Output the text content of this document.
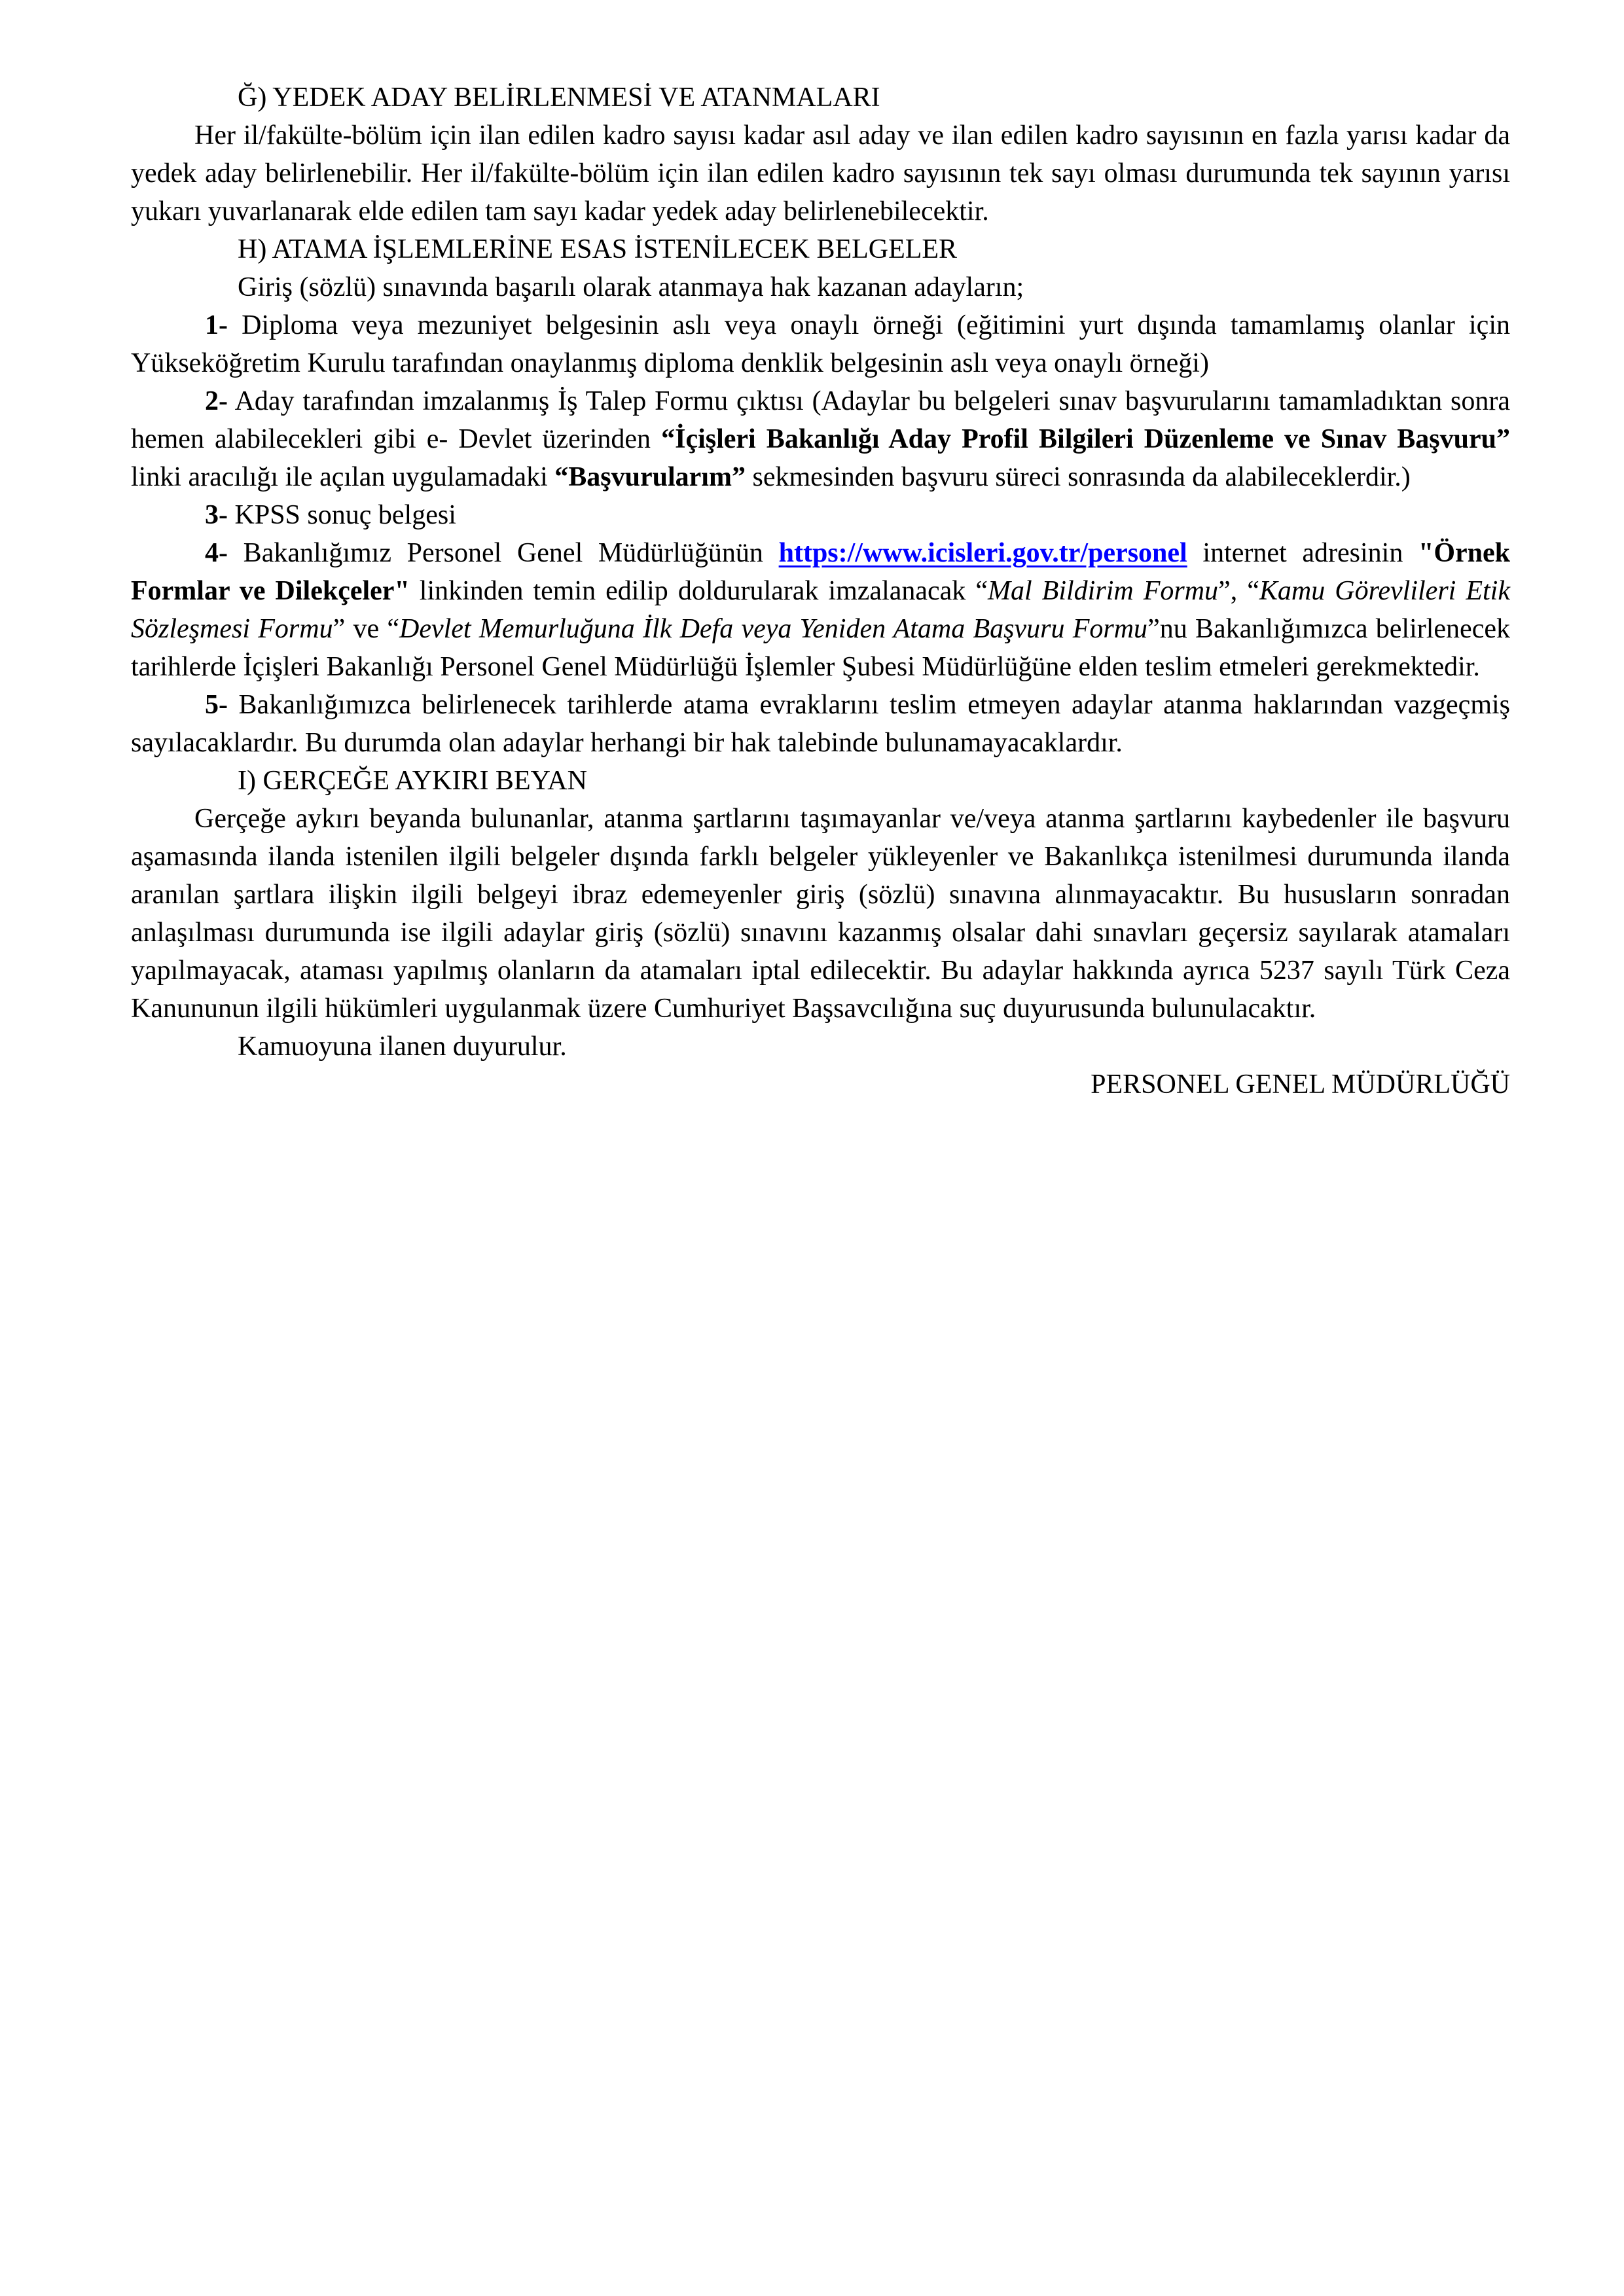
Ğ) YEDEK ADAY BELİRLENMESİ VE ATANMALARI

Her il/fakülte-bölüm için ilan edilen kadro sayısı kadar asıl aday ve ilan edilen kadro sayısının en fazla yarısı kadar da yedek aday belirlenebilir. Her il/fakülte-bölüm için ilan edilen kadro sayısının tek sayı olması durumunda tek sayının yarısı yukarı yuvarlanarak elde edilen tam sayı kadar yedek aday belirlenebilecektir.

H) ATAMA İŞLEMLERİNE ESAS İSTENİLECEK BELGELER

Giriş (sözlü) sınavında başarılı olarak atanmaya hak kazanan adayların;

1- Diploma veya mezuniyet belgesinin aslı veya onaylı örneği (eğitimini yurt dışında tamamlamış olanlar için Yükseköğretim Kurulu tarafından onaylanmış diploma denklik belgesinin aslı veya onaylı örneği)

2- Aday tarafından imzalanmış İş Talep Formu çıktısı (Adaylar bu belgeleri sınav başvurularını tamamladıktan sonra hemen alabilecekleri gibi e- Devlet üzerinden “İçişleri Bakanlığı Aday Profil Bilgileri Düzenleme ve Sınav Başvuru” linki aracılığı ile açılan uygulamadaki “Başvurularım” sekmesinden başvuru süreci sonrasında da alabileceklerdir.)

3- KPSS sonuç belgesi

4- Bakanlığımız Personel Genel Müdürlüğünün https://www.icisleri.gov.tr/personel internet adresinin "Örnek Formlar ve Dilekçeler" linkinden temin edilip doldurularak imzalanacak “Mal Bildirim Formu”, “Kamu Görevlileri Etik Sözleşmesi Formu” ve “Devlet Memurluğuna İlk Defa veya Yeniden Atama Başvuru Formu”nu Bakanlığımızca belirlenecek tarihlerde İçişleri Bakanlığı Personel Genel Müdürlüğü İşlemler Şubesi Müdürlüğüne elden teslim etmeleri gerekmektedir.

5- Bakanlığımızca belirlenecek tarihlerde atama evraklarını teslim etmeyen adaylar atanma haklarından vazgeçmiş sayılacaklardır. Bu durumda olan adaylar herhangi bir hak talebinde bulunamayacaklardır.

I) GERÇEĞE AYKIRI BEYAN

Gerçeğe aykırı beyanda bulunanlar, atanma şartlarını taşımayanlar ve/veya atanma şartlarını kaybedenler ile başvuru aşamasında ilanda istenilen ilgili belgeler dışında farklı belgeler yükleyenler ve Bakanlıkça istenilmesi durumunda ilanda aranılan şartlara ilişkin ilgili belgeyi ibraz edemeyenler giriş (sözlü) sınavına alınmayacaktır. Bu hususların sonradan anlaşılması durumunda ise ilgili adaylar giriş (sözlü) sınavını kazanmış olsalar dahi sınavları geçersiz sayılarak atamaları yapılmayacak, ataması yapılmış olanların da atamaları iptal edilecektir. Bu adaylar hakkında ayrıca 5237 sayılı Türk Ceza Kanununun ilgili hükümleri uygulanmak üzere Cumhuriyet Başsavcılığına suç duyurusunda bulunulacaktır.

Kamuoyuna ilanen duyurulur.

PERSONEL GENEL MÜDÜRLÜĞÜ
